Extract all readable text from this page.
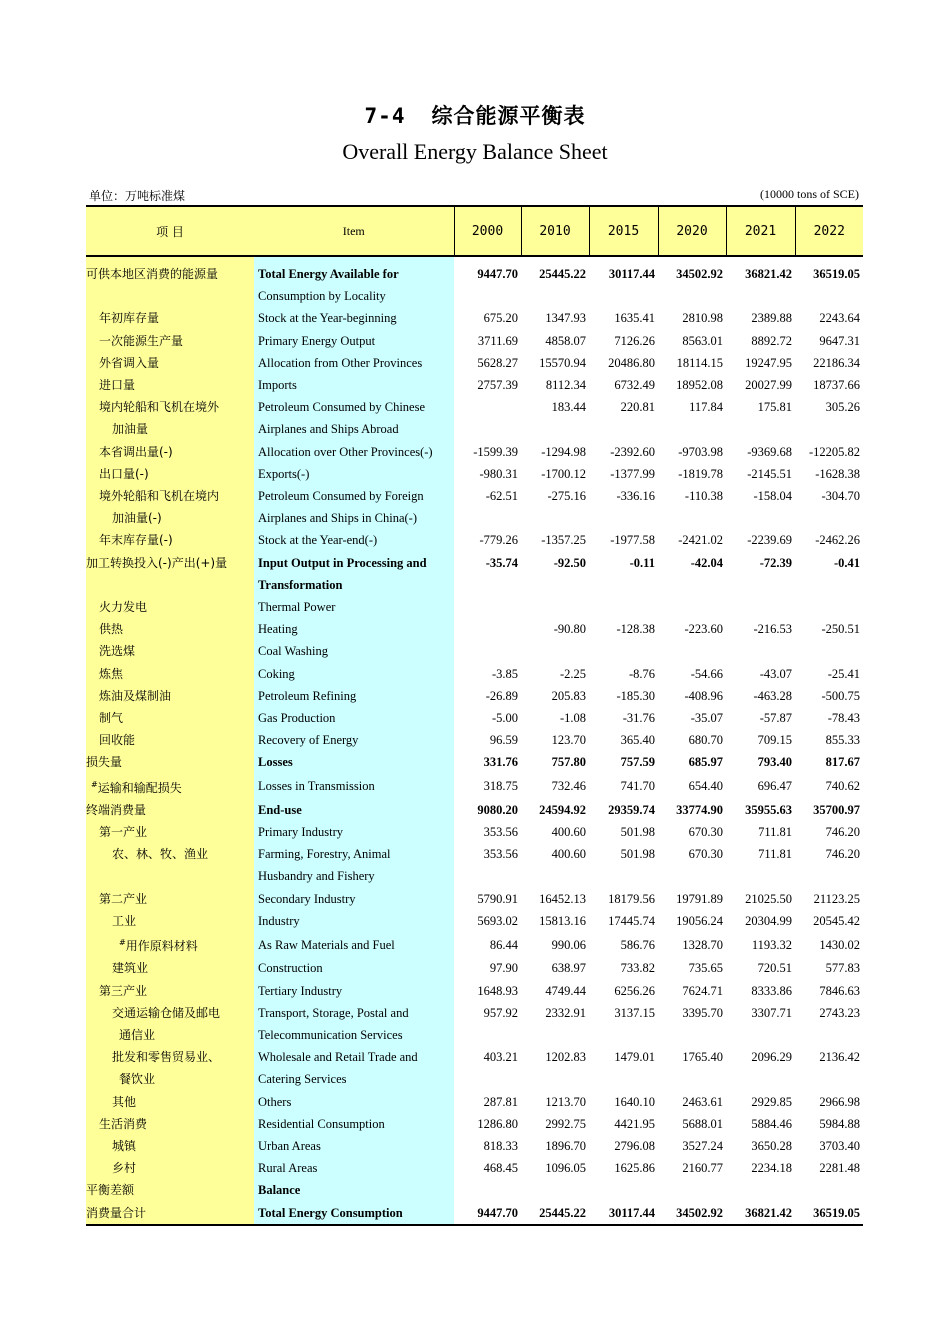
7-4 综合能源平衡表
Overall Energy Balance Sheet
单位：万吨标准煤	(10000 tons of SCE)
项 目	Item	2000	2010	2015	2020	2021	2022

可供本地区消费的能源量	Total Energy Available for	9447.70	25445.22	30117.44	34502.92	36821.42	36519.05
	Consumption by Locality						
年初库存量	Stock at the Year-beginning	675.20	1347.93	1635.41	2810.98	2389.88	2243.64
一次能源生产量	Primary Energy Output	3711.69	4858.07	7126.26	8563.01	8892.72	9647.31
外省调入量	Allocation from Other Provinces	5628.27	15570.94	20486.80	18114.15	19247.95	22186.34
进口量	Imports	2757.39	8112.34	6732.49	18952.08	20027.99	18737.66
境内轮船和飞机在境外	Petroleum Consumed by Chinese		183.44	220.81	117.84	175.81	305.26
加油量	Airplanes and Ships Abroad						
本省调出量(-)	Allocation over Other Provinces(-)	-1599.39	-1294.98	-2392.60	-9703.98	-9369.68	-12205.82
出口量(-)	Exports(-)	-980.31	-1700.12	-1377.99	-1819.78	-2145.51	-1628.38
境外轮船和飞机在境内	Petroleum Consumed by Foreign	-62.51	-275.16	-336.16	-110.38	-158.04	-304.70
加油量(-)	Airplanes and Ships in China(-)						
年末库存量(-)	Stock at the Year-end(-)	-779.26	-1357.25	-1977.58	-2421.02	-2239.69	-2462.26
加工转换投入(-)产出(+)量	Input Output in Processing and	-35.74	-92.50	-0.11	-42.04	-72.39	-0.41
	Transformation						
火力发电	Thermal Power						
供热	Heating		-90.80	-128.38	-223.60	-216.53	-250.51
洗选煤	Coal Washing						
炼焦	Coking	-3.85	-2.25	-8.76	-54.66	-43.07	-25.41
炼油及煤制油	Petroleum Refining	-26.89	205.83	-185.30	-408.96	-463.28	-500.75
制气	Gas Production	-5.00	-1.08	-31.76	-35.07	-57.87	-78.43
回收能	Recovery of Energy	96.59	123.70	365.40	680.70	709.15	855.33
损失量	Losses	331.76	757.80	757.59	685.97	793.40	817.67
#运输和输配损失	Losses in Transmission	318.75	732.46	741.70	654.40	696.47	740.62
终端消费量	End-use	9080.20	24594.92	29359.74	33774.90	35955.63	35700.97
第一产业	Primary Industry	353.56	400.60	501.98	670.30	711.81	746.20
农、林、牧、渔业	Farming, Forestry, Animal	353.56	400.60	501.98	670.30	711.81	746.20
	Husbandry and Fishery						
第二产业	Secondary Industry	5790.91	16452.13	18179.56	19791.89	21025.50	21123.25
工业	Industry	5693.02	15813.16	17445.74	19056.24	20304.99	20545.42
#用作原料材料	As Raw Materials and Fuel	86.44	990.06	586.76	1328.70	1193.32	1430.02
建筑业	Construction	97.90	638.97	733.82	735.65	720.51	577.83
第三产业	Tertiary Industry	1648.93	4749.44	6256.26	7624.71	8333.86	7846.63
交通运输仓储及邮电	Transport, Storage, Postal and	957.92	2332.91	3137.15	3395.70	3307.71	2743.23
通信业	Telecommunication Services						
批发和零售贸易业、	Wholesale and Retail Trade and	403.21	1202.83	1479.01	1765.40	2096.29	2136.42
餐饮业	Catering Services						
其他	Others	287.81	1213.70	1640.10	2463.61	2929.85	2966.98
生活消费	Residential Consumption	1286.80	2992.75	4421.95	5688.01	5884.46	5984.88
城镇	Urban Areas	818.33	1896.70	2796.08	3527.24	3650.28	3703.40
乡村	Rural Areas	468.45	1096.05	1625.86	2160.77	2234.18	2281.48
平衡差额	Balance						
消费量合计	Total Energy Consumption	9447.70	25445.22	30117.44	34502.92	36821.42	36519.05
